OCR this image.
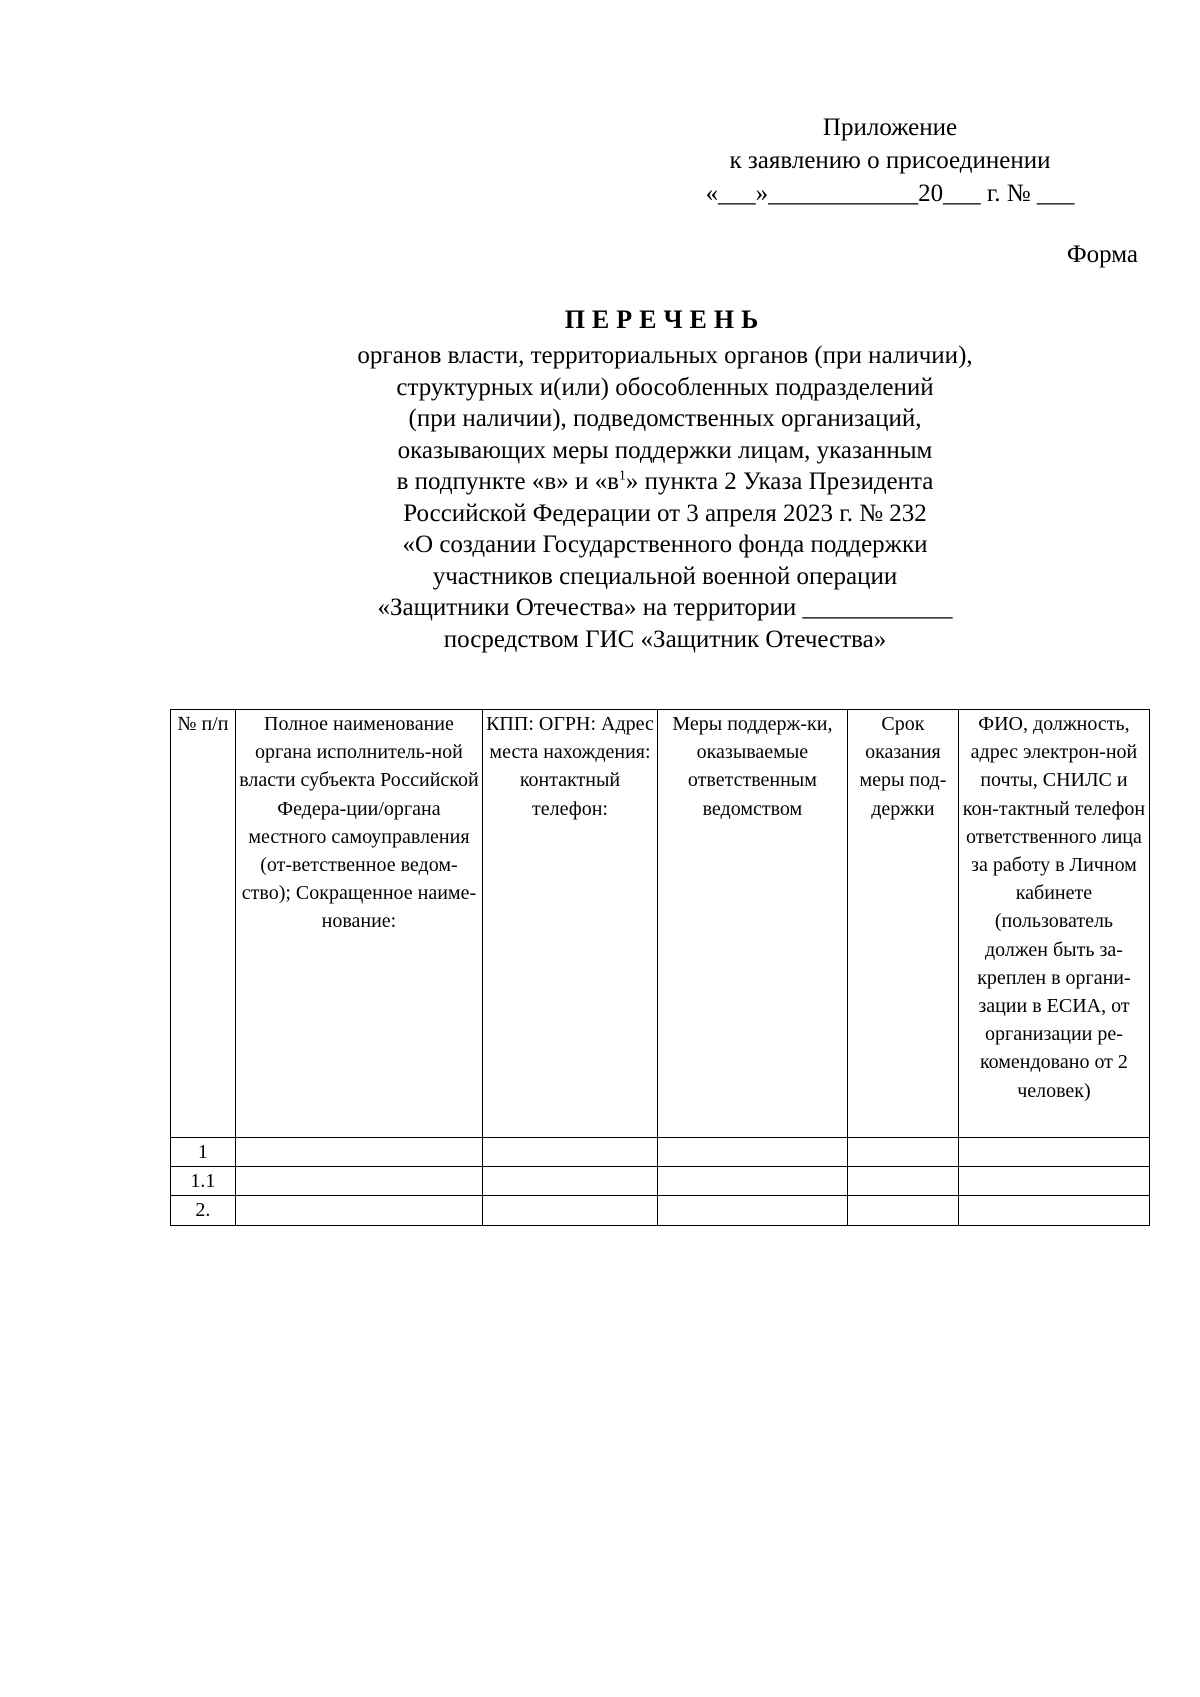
Приложение
к заявлению о присоединении
«___»____________20___ г. № ___
Форма
ПЕРЕЧЕНЬ
органов власти, территориальных органов (при наличии),
структурных и(или) обособленных подразделений
(при наличии), подведомственных организаций,
оказывающих меры поддержки лицам, указанным
в подпункте «в» и «$в^1$» пункта 2 Указа Президента
Российской Федерации от 3 апреля 2023 г. № 232
«О создании Государственного фонда поддержки
участников специальной военной операции
«Защитники Отечества» на территории ____________
посредством ГИС «Защитник Отечества»
№ п/п	Полное наименование органа исполнитель-ной власти субъекта Российской Федера-ции/органа местного самоуправления (от-ветственное ведом-ство); Сокращенное наиме-нование:	КПП: ОГРН: Адрес места нахождения: контактный телефон:	Меры поддерж-ки, оказываемые ответственным ведомством	Срок оказания меры под-держки	ФИО, должность, адрес электрон-ной почты, СНИЛС и кон-тактный телефон ответственного лица за работу в Личном кабинете (пользователь должен быть за-креплен в органи-зации в ЕСИА, от организации ре-комендовано от 2 человек)
1					
1.1					
2.					
